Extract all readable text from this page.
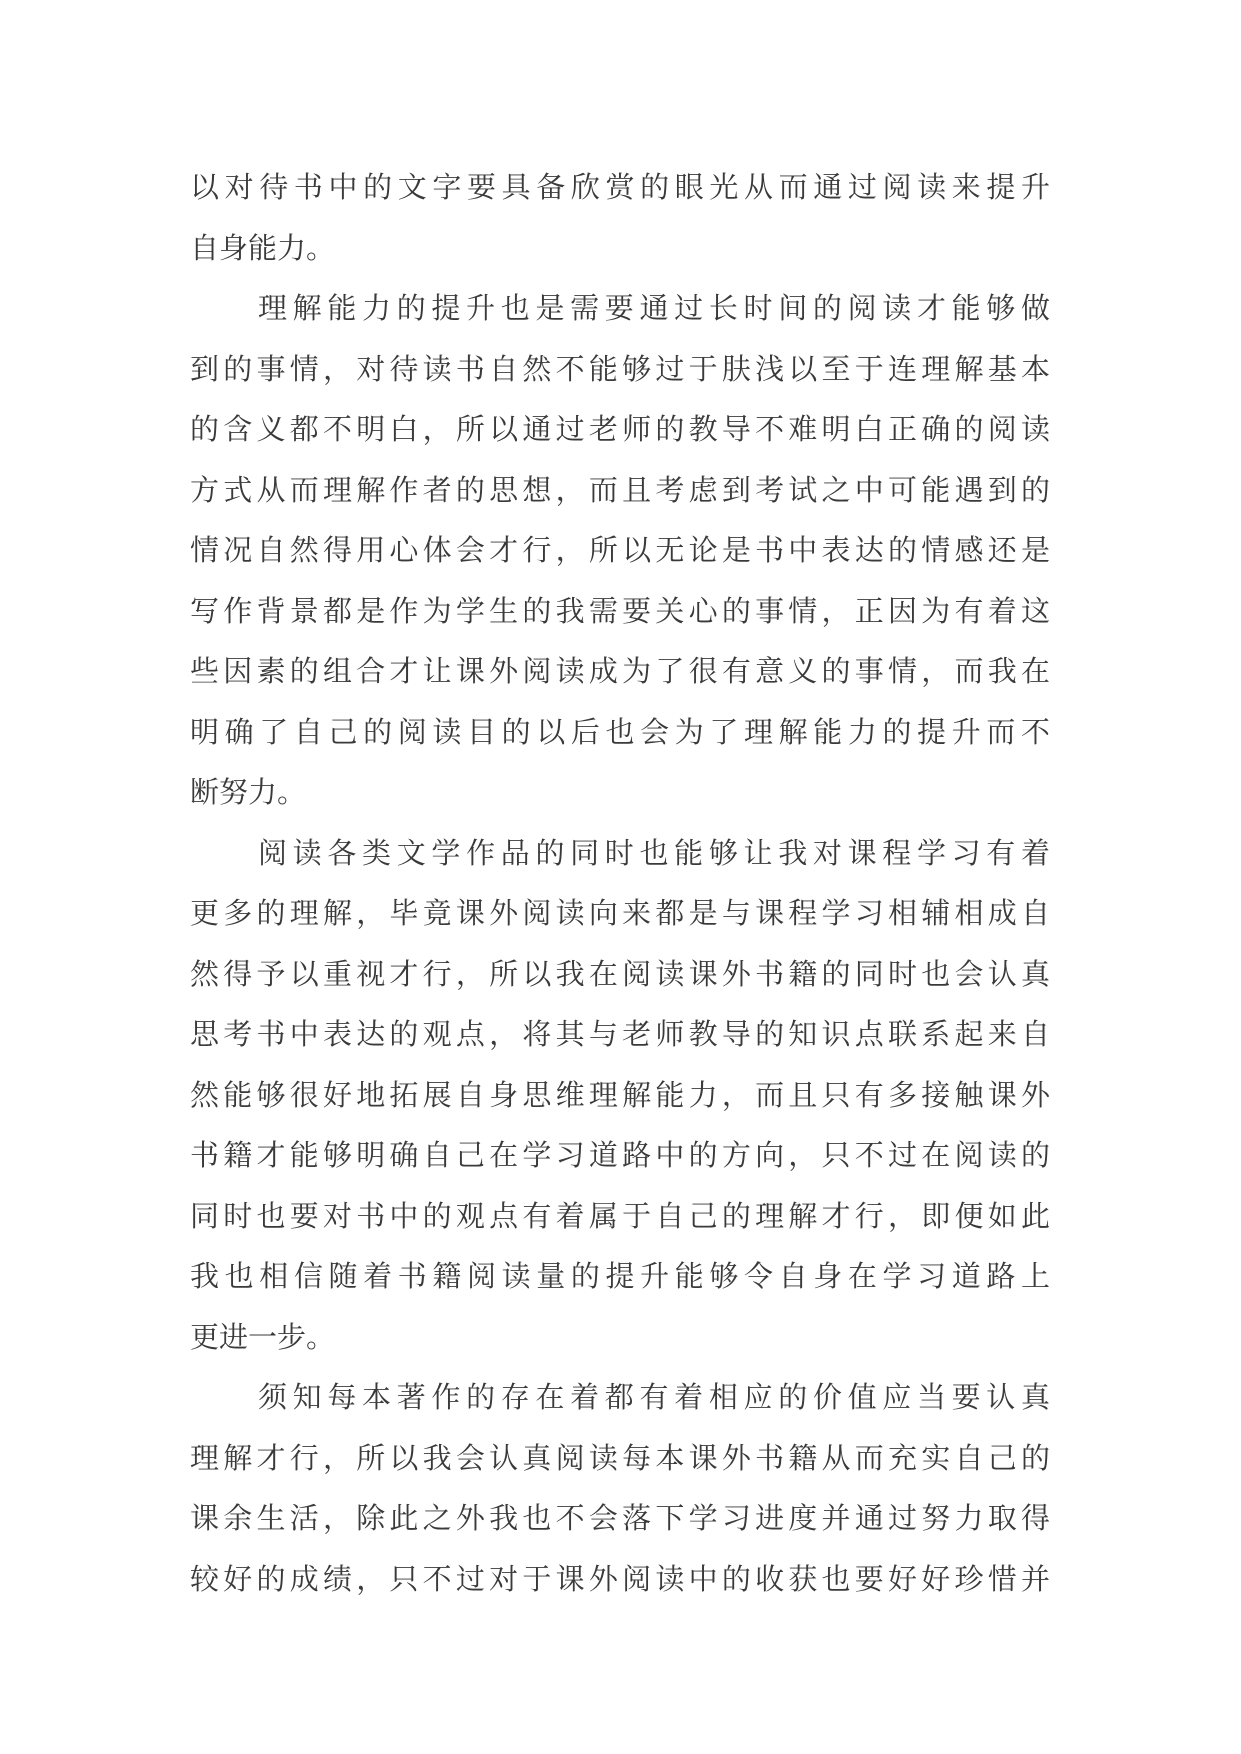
以对待书中的文字要具备欣赏的眼光从而通过阅读来提升
自身能力。
理解能力的提升也是需要通过长时间的阅读才能够做
到的事情，对待读书自然不能够过于肤浅以至于连理解基本
的含义都不明白，所以通过老师的教导不难明白正确的阅读
方式从而理解作者的思想，而且考虑到考试之中可能遇到的
情况自然得用心体会才行，所以无论是书中表达的情感还是
写作背景都是作为学生的我需要关心的事情，正因为有着这
些因素的组合才让课外阅读成为了很有意义的事情，而我在
明确了自己的阅读目的以后也会为了理解能力的提升而不
断努力。
阅读各类文学作品的同时也能够让我对课程学习有着
更多的理解，毕竟课外阅读向来都是与课程学习相辅相成自
然得予以重视才行，所以我在阅读课外书籍的同时也会认真
思考书中表达的观点，将其与老师教导的知识点联系起来自
然能够很好地拓展自身思维理解能力，而且只有多接触课外
书籍才能够明确自己在学习道路中的方向，只不过在阅读的
同时也要对书中的观点有着属于自己的理解才行，即便如此
我也相信随着书籍阅读量的提升能够令自身在学习道路上
更进一步。
须知每本著作的存在着都有着相应的价值应当要认真
理解才行，所以我会认真阅读每本课外书籍从而充实自己的
课余生活，除此之外我也不会落下学习进度并通过努力取得
较好的成绩，只不过对于课外阅读中的收获也要好好珍惜并
